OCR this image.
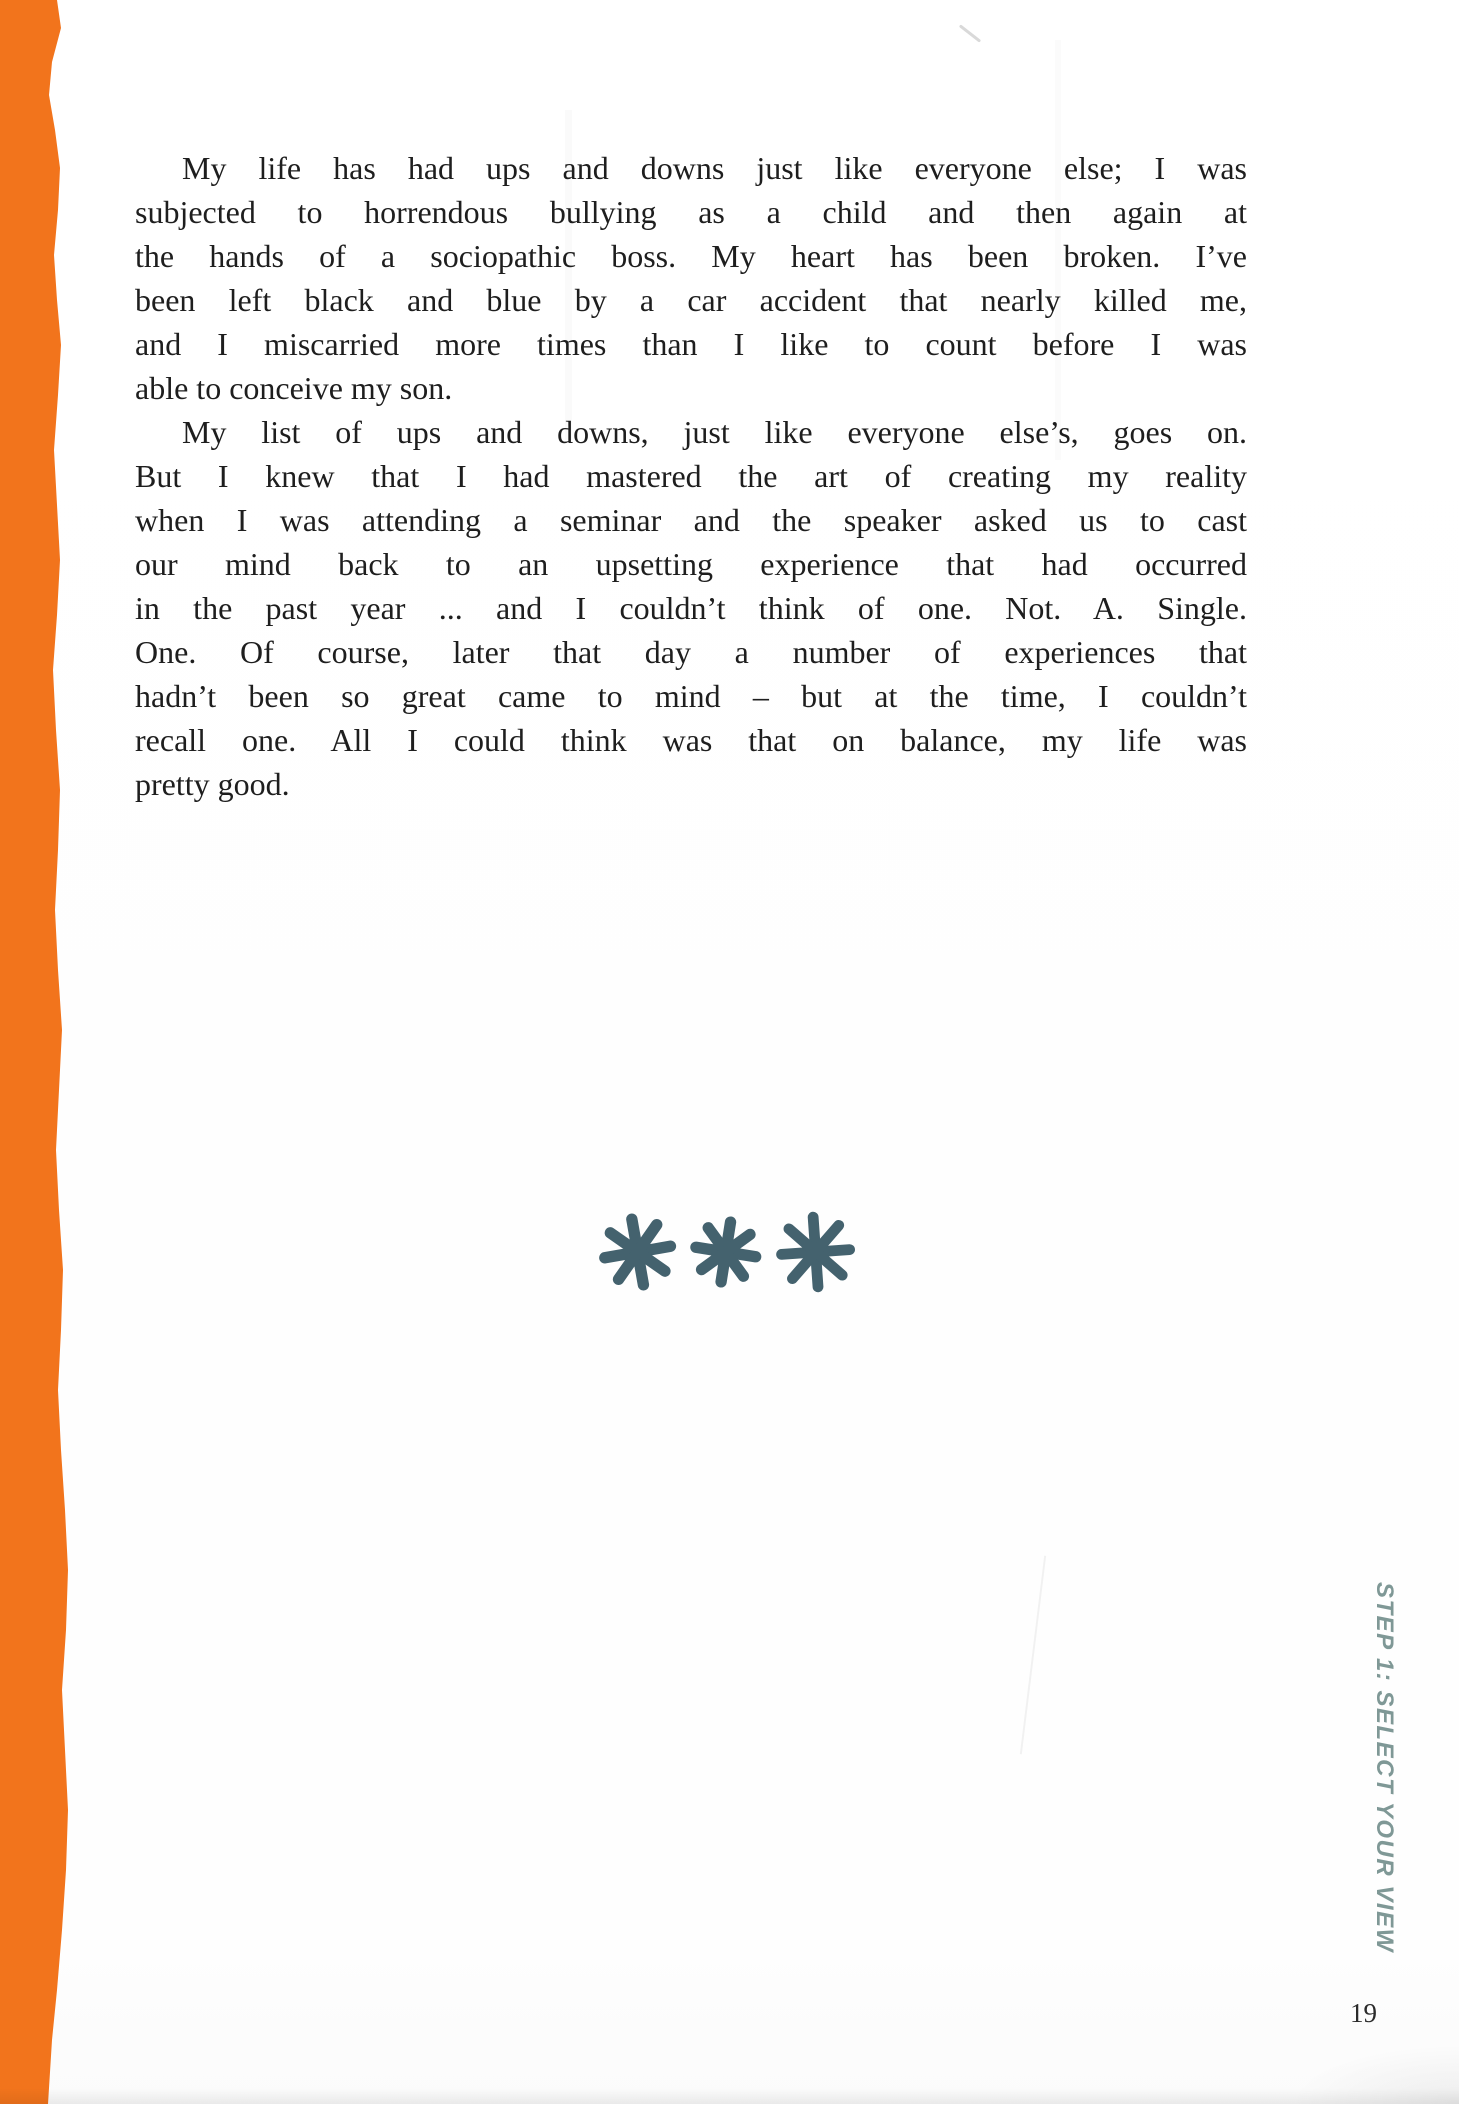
My life has had ups and downs just like everyone else; I was
subjected to horrendous bullying as a child and then again at
the hands of a sociopathic boss. My heart has been broken. I’ve
been left black and blue by a car accident that nearly killed me,
and I miscarried more times than I like to count before I was
able to conceive my son.
My list of ups and downs, just like everyone else’s, goes on.
But I knew that I had mastered the art of creating my reality
when I was attending a seminar and the speaker asked us to cast
our mind back to an upsetting experience that had occurred
in the past year ... and I couldn’t think of one. Not. A. Single.
One. Of course, later that day a number of experiences that
hadn’t been so great came to mind – but at the time, I couldn’t
recall one. All I could think was that on balance, my life was
pretty good.
STEP 1: SELECT YOUR VIEW
19
